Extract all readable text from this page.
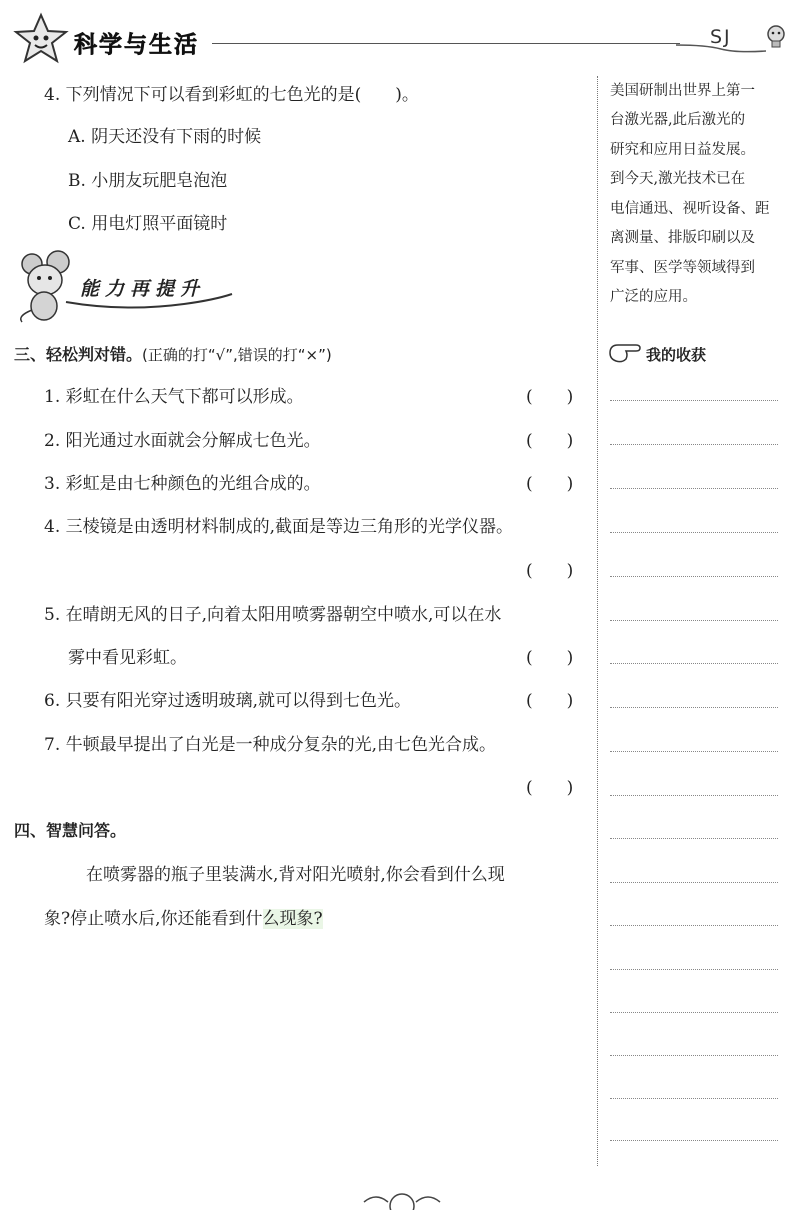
科学与生活	SJ
4. 下列情况下可以看到彩虹的七色光的是(　　)。
A. 阴天还没有下雨的时候
B. 小朋友玩肥皂泡泡
C. 用电灯照平面镜时
能力再提升
三、轻松判对错。(正确的打“√”,错误的打“×”)
1. 彩虹在什么天气下都可以形成。	(　　)
2. 阳光通过水面就会分解成七色光。	(　　)
3. 彩虹是由七种颜色的光组合成的。	(　　)
4. 三棱镜是由透明材料制成的,截面是等边三角形的光学仪器。
(　　)
5. 在晴朗无风的日子,向着太阳用喷雾器朝空中喷水,可以在水
雾中看见彩虹。	(　　)
6. 只要有阳光穿过透明玻璃,就可以得到七色光。	(　　)
7. 牛顿最早提出了白光是一种成分复杂的光,由七色光合成。
(　　)
四、智慧问答。
在喷雾器的瓶子里装满水,背对阳光喷射,你会看到什么现
象?停止喷水后,你还能看到什么现象?
美国研制出世界上第一
台激光器,此后激光的
研究和应用日益发展。
到今天,激光技术已在
电信通迅、视听设备、距
离测量、排版印刷以及
军事、医学等领域得到
广泛的应用。
我的收获
